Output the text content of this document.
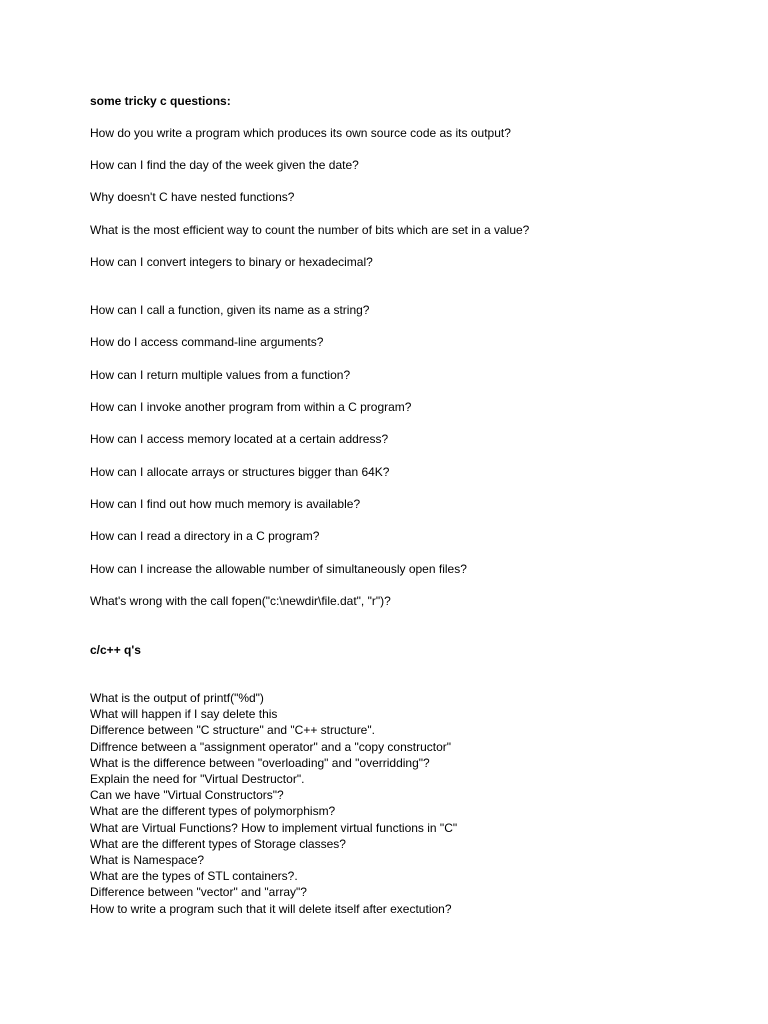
some tricky c questions:

How do you write a program which produces its own source code as its output?

How can I find the day of the week given the date?

Why doesn't C have nested functions?

What is the most efficient way to count the number of bits which are set in a value?

How can I convert integers to binary or hexadecimal?

How can I call a function, given its name as a string?

How do I access command-line arguments?

How can I return multiple values from a function?

How can I invoke another program from within a C program?

How can I access memory located at a certain address?

How can I allocate arrays or structures bigger than 64K?

How can I find out how much memory is available?

How can I read a directory in a C program?

How can I increase the allowable number of simultaneously open files?

What's wrong with the call fopen("c:\newdir\file.dat", "r")?

c/c++ q's

What is the output of printf("%d")
What will happen if I say delete this
Difference between "C structure" and "C++ structure".
Diffrence between a "assignment operator" and a "copy constructor"
What is the difference between "overloading" and "overridding"?
Explain the need for "Virtual Destructor".
Can we have "Virtual Constructors"?
What are the different types of polymorphism?
What are Virtual Functions? How to implement virtual functions in "C"
What are the different types of Storage classes?
What is Namespace?
What are the types of STL containers?.
Difference between "vector" and "array"?
How to write a program such that it will delete itself after exectution?
